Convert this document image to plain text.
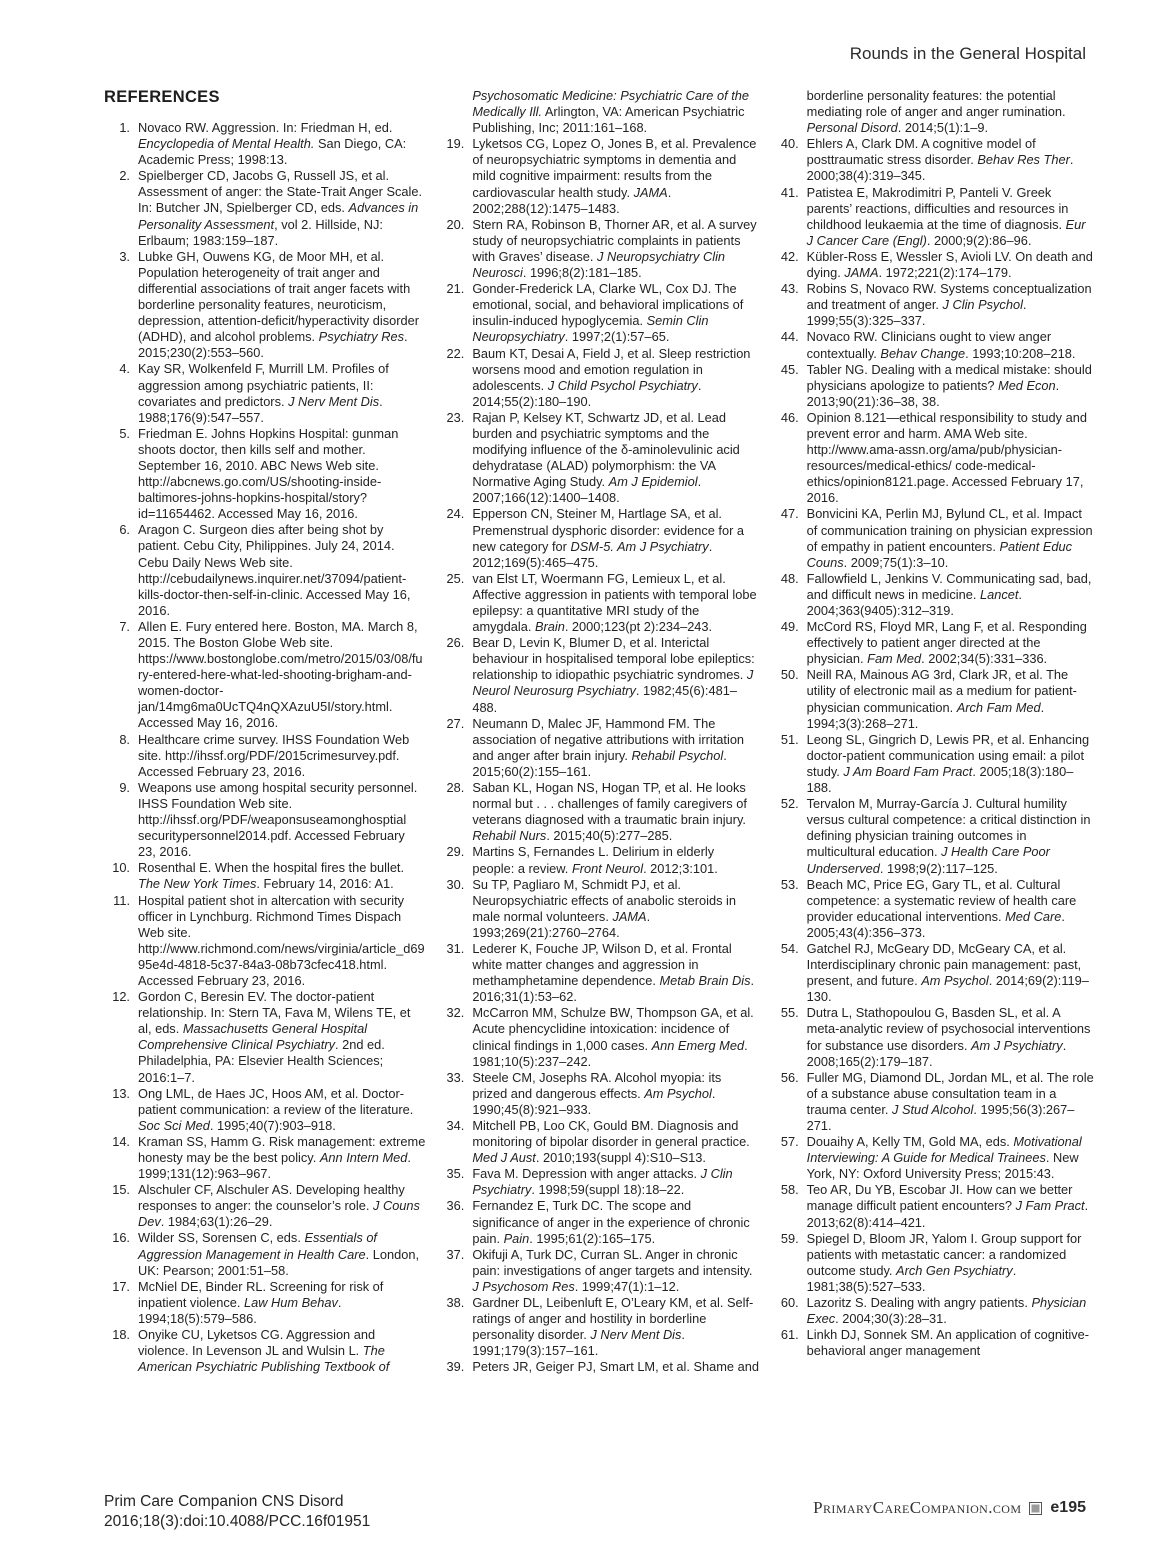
Rounds in the General Hospital
REFERENCES
1. Novaco RW. Aggression. In: Friedman H, ed. Encyclopedia of Mental Health. San Diego, CA: Academic Press; 1998:13.
2. Spielberger CD, Jacobs G, Russell JS, et al. Assessment of anger: the State-Trait Anger Scale. In: Butcher JN, Spielberger CD, eds. Advances in Personality Assessment, vol 2. Hillside, NJ: Erlbaum; 1983:159–187.
3. Lubke GH, Ouwens KG, de Moor MH, et al. Population heterogeneity of trait anger and differential associations of trait anger facets with borderline personality features, neuroticism, depression, attention-deficit/hyperactivity disorder (ADHD), and alcohol problems. Psychiatry Res. 2015;230(2):553–560.
4. Kay SR, Wolkenfeld F, Murrill LM. Profiles of aggression among psychiatric patients, II: covariates and predictors. J Nerv Ment Dis. 1988;176(9):547–557.
5. Friedman E. Johns Hopkins Hospital: gunman shoots doctor, then kills self and mother. September 16, 2010. ABC News Web site. http://abcnews.go.com/US/shooting-inside-baltimores-johns-hopkins-hospital/story?id=11654462. Accessed May 16, 2016.
6. Aragon C. Surgeon dies after being shot by patient. Cebu City, Philippines. July 24, 2014. Cebu Daily News Web site. http://cebudailynews.inquirer.net/37094/patient-kills-doctor-then-self-in-clinic. Accessed May 16, 2016.
7. Allen E. Fury entered here. Boston, MA. March 8, 2015. The Boston Globe Web site. https://www.bostonglobe.com/metro/2015/03/08/fury-entered-here-what-led-shooting-brigham-and-women-doctor-jan/14mg6ma0UcTQ4nQXAzuU5I/story.html. Accessed May 16, 2016.
8. Healthcare crime survey. IHSS Foundation Web site. http://ihssf.org/PDF/2015crimesurvey.pdf. Accessed February 23, 2016.
9. Weapons use among hospital security personnel. IHSS Foundation Web site. http://ihssf.org/PDF/weaponsuseamonghosptial securitypersonnel2014.pdf. Accessed February 23, 2016.
10. Rosenthal E. When the hospital fires the bullet. The New York Times. February 14, 2016: A1.
11. Hospital patient shot in altercation with security officer in Lynchburg. Richmond Times Dispach Web site. http://www.richmond.com/news/virginia/article_d6995e4d-4818-5c37-84a3-08b73cfec418.html. Accessed February 23, 2016.
12. Gordon C, Beresin EV. The doctor-patient relationship. In: Stern TA, Fava M, Wilens TE, et al, eds. Massachusetts General Hospital Comprehensive Clinical Psychiatry. 2nd ed. Philadelphia, PA: Elsevier Health Sciences; 2016:1–7.
13. Ong LML, de Haes JC, Hoos AM, et al. Doctor-patient communication: a review of the literature. Soc Sci Med. 1995;40(7):903–918.
14. Kraman SS, Hamm G. Risk management: extreme honesty may be the best policy. Ann Intern Med. 1999;131(12):963–967.
15. Alschuler CF, Alschuler AS. Developing healthy responses to anger: the counselor’s role. J Couns Dev. 1984;63(1):26–29.
16. Wilder SS, Sorensen C, eds. Essentials of Aggression Management in Health Care. London, UK: Pearson; 2001:51–58.
17. McNiel DE, Binder RL. Screening for risk of inpatient violence. Law Hum Behav. 1994;18(5):579–586.
18. Onyike CU, Lyketsos CG. Aggression and violence. In Levenson JL and Wulsin L. The American Psychiatric Publishing Textbook of
Psychosomatic Medicine: Psychiatric Care of the Medically Ill. Arlington, VA: American Psychiatric Publishing, Inc; 2011:161–168.
19. Lyketsos CG, Lopez O, Jones B, et al. Prevalence of neuropsychiatric symptoms in dementia and mild cognitive impairment: results from the cardiovascular health study. JAMA. 2002;288(12):1475–1483.
20. Stern RA, Robinson B, Thorner AR, et al. A survey study of neuropsychiatric complaints in patients with Graves’ disease. J Neuropsychiatry Clin Neurosci. 1996;8(2):181–185.
21. Gonder-Frederick LA, Clarke WL, Cox DJ. The emotional, social, and behavioral implications of insulin-induced hypoglycemia. Semin Clin Neuropsychiatry. 1997;2(1):57–65.
22. Baum KT, Desai A, Field J, et al. Sleep restriction worsens mood and emotion regulation in adolescents. J Child Psychol Psychiatry. 2014;55(2):180–190.
23. Rajan P, Kelsey KT, Schwartz JD, et al. Lead burden and psychiatric symptoms and the modifying influence of the δ-aminolevulinic acid dehydratase (ALAD) polymorphism: the VA Normative Aging Study. Am J Epidemiol. 2007;166(12):1400–1408.
24. Epperson CN, Steiner M, Hartlage SA, et al. Premenstrual dysphoric disorder: evidence for a new category for DSM-5. Am J Psychiatry. 2012;169(5):465–475.
25. van Elst LT, Woermann FG, Lemieux L, et al. Affective aggression in patients with temporal lobe epilepsy: a quantitative MRI study of the amygdala. Brain. 2000;123(pt 2):234–243.
26. Bear D, Levin K, Blumer D, et al. Interictal behaviour in hospitalised temporal lobe epileptics: relationship to idiopathic psychiatric syndromes. J Neurol Neurosurg Psychiatry. 1982;45(6):481–488.
27. Neumann D, Malec JF, Hammond FM. The association of negative attributions with irritation and anger after brain injury. Rehabil Psychol. 2015;60(2):155–161.
28. Saban KL, Hogan NS, Hogan TP, et al. He looks normal but . . . challenges of family caregivers of veterans diagnosed with a traumatic brain injury. Rehabil Nurs. 2015;40(5):277–285.
29. Martins S, Fernandes L. Delirium in elderly people: a review. Front Neurol. 2012;3:101.
30. Su TP, Pagliaro M, Schmidt PJ, et al. Neuropsychiatric effects of anabolic steroids in male normal volunteers. JAMA. 1993;269(21):2760–2764.
31. Lederer K, Fouche JP, Wilson D, et al. Frontal white matter changes and aggression in methamphetamine dependence. Metab Brain Dis. 2016;31(1):53–62.
32. McCarron MM, Schulze BW, Thompson GA, et al. Acute phencyclidine intoxication: incidence of clinical findings in 1,000 cases. Ann Emerg Med. 1981;10(5):237–242.
33. Steele CM, Josephs RA. Alcohol myopia: its prized and dangerous effects. Am Psychol. 1990;45(8):921–933.
34. Mitchell PB, Loo CK, Gould BM. Diagnosis and monitoring of bipolar disorder in general practice. Med J Aust. 2010;193(suppl 4):S10–S13.
35. Fava M. Depression with anger attacks. J Clin Psychiatry. 1998;59(suppl 18):18–22.
36. Fernandez E, Turk DC. The scope and significance of anger in the experience of chronic pain. Pain. 1995;61(2):165–175.
37. Okifuji A, Turk DC, Curran SL. Anger in chronic pain: investigations of anger targets and intensity. J Psychosom Res. 1999;47(1):1–12.
38. Gardner DL, Leibenluft E, O’Leary KM, et al. Self-ratings of anger and hostility in borderline personality disorder. J Nerv Ment Dis. 1991;179(3):157–161.
39. Peters JR, Geiger PJ, Smart LM, et al. Shame and
borderline personality features: the potential mediating role of anger and anger rumination. Personal Disord. 2014;5(1):1–9.
40. Ehlers A, Clark DM. A cognitive model of posttraumatic stress disorder. Behav Res Ther. 2000;38(4):319–345.
41. Patistea E, Makrodimitri P, Panteli V. Greek parents’ reactions, difficulties and resources in childhood leukaemia at the time of diagnosis. Eur J Cancer Care (Engl). 2000;9(2):86–96.
42. Kübler-Ross E, Wessler S, Avioli LV. On death and dying. JAMA. 1972;221(2):174–179.
43. Robins S, Novaco RW. Systems conceptualization and treatment of anger. J Clin Psychol. 1999;55(3):325–337.
44. Novaco RW. Clinicians ought to view anger contextually. Behav Change. 1993;10:208–218.
45. Tabler NG. Dealing with a medical mistake: should physicians apologize to patients? Med Econ. 2013;90(21):36–38, 38.
46. Opinion 8.121—ethical responsibility to study and prevent error and harm. AMA Web site. http://www.ama-assn.org/ama/pub/physician-resources/medical-ethics/ code-medical-ethics/opinion8121.page. Accessed February 17, 2016.
47. Bonvicini KA, Perlin MJ, Bylund CL, et al. Impact of communication training on physician expression of empathy in patient encounters. Patient Educ Couns. 2009;75(1):3–10.
48. Fallowfield L, Jenkins V. Communicating sad, bad, and difficult news in medicine. Lancet. 2004;363(9405):312–319.
49. McCord RS, Floyd MR, Lang F, et al. Responding effectively to patient anger directed at the physician. Fam Med. 2002;34(5):331–336.
50. Neill RA, Mainous AG 3rd, Clark JR, et al. The utility of electronic mail as a medium for patient-physician communication. Arch Fam Med. 1994;3(3):268–271.
51. Leong SL, Gingrich D, Lewis PR, et al. Enhancing doctor-patient communication using email: a pilot study. J Am Board Fam Pract. 2005;18(3):180–188.
52. Tervalon M, Murray-García J. Cultural humility versus cultural competence: a critical distinction in defining physician training outcomes in multicultural education. J Health Care Poor Underserved. 1998;9(2):117–125.
53. Beach MC, Price EG, Gary TL, et al. Cultural competence: a systematic review of health care provider educational interventions. Med Care. 2005;43(4):356–373.
54. Gatchel RJ, McGeary DD, McGeary CA, et al. Interdisciplinary chronic pain management: past, present, and future. Am Psychol. 2014;69(2):119–130.
55. Dutra L, Stathopoulou G, Basden SL, et al. A meta-analytic review of psychosocial interventions for substance use disorders. Am J Psychiatry. 2008;165(2):179–187.
56. Fuller MG, Diamond DL, Jordan ML, et al. The role of a substance abuse consultation team in a trauma center. J Stud Alcohol. 1995;56(3):267–271.
57. Douaihy A, Kelly TM, Gold MA, eds. Motivational Interviewing: A Guide for Medical Trainees. New York, NY: Oxford University Press; 2015:43.
58. Teo AR, Du YB, Escobar JI. How can we better manage difficult patient encounters? J Fam Pract. 2013;62(8):414–421.
59. Spiegel D, Bloom JR, Yalom I. Group support for patients with metastatic cancer: a randomized outcome study. Arch Gen Psychiatry. 1981;38(5):527–533.
60. Lazoritz S. Dealing with angry patients. Physician Exec. 2004;30(3):28–31.
61. Linkh DJ, Sonnek SM. An application of cognitive-behavioral anger management
Prim Care Companion CNS Disord
2016;18(3):doi:10.4088/PCC.16f01951
PrimaryCareCompanion.com e195
